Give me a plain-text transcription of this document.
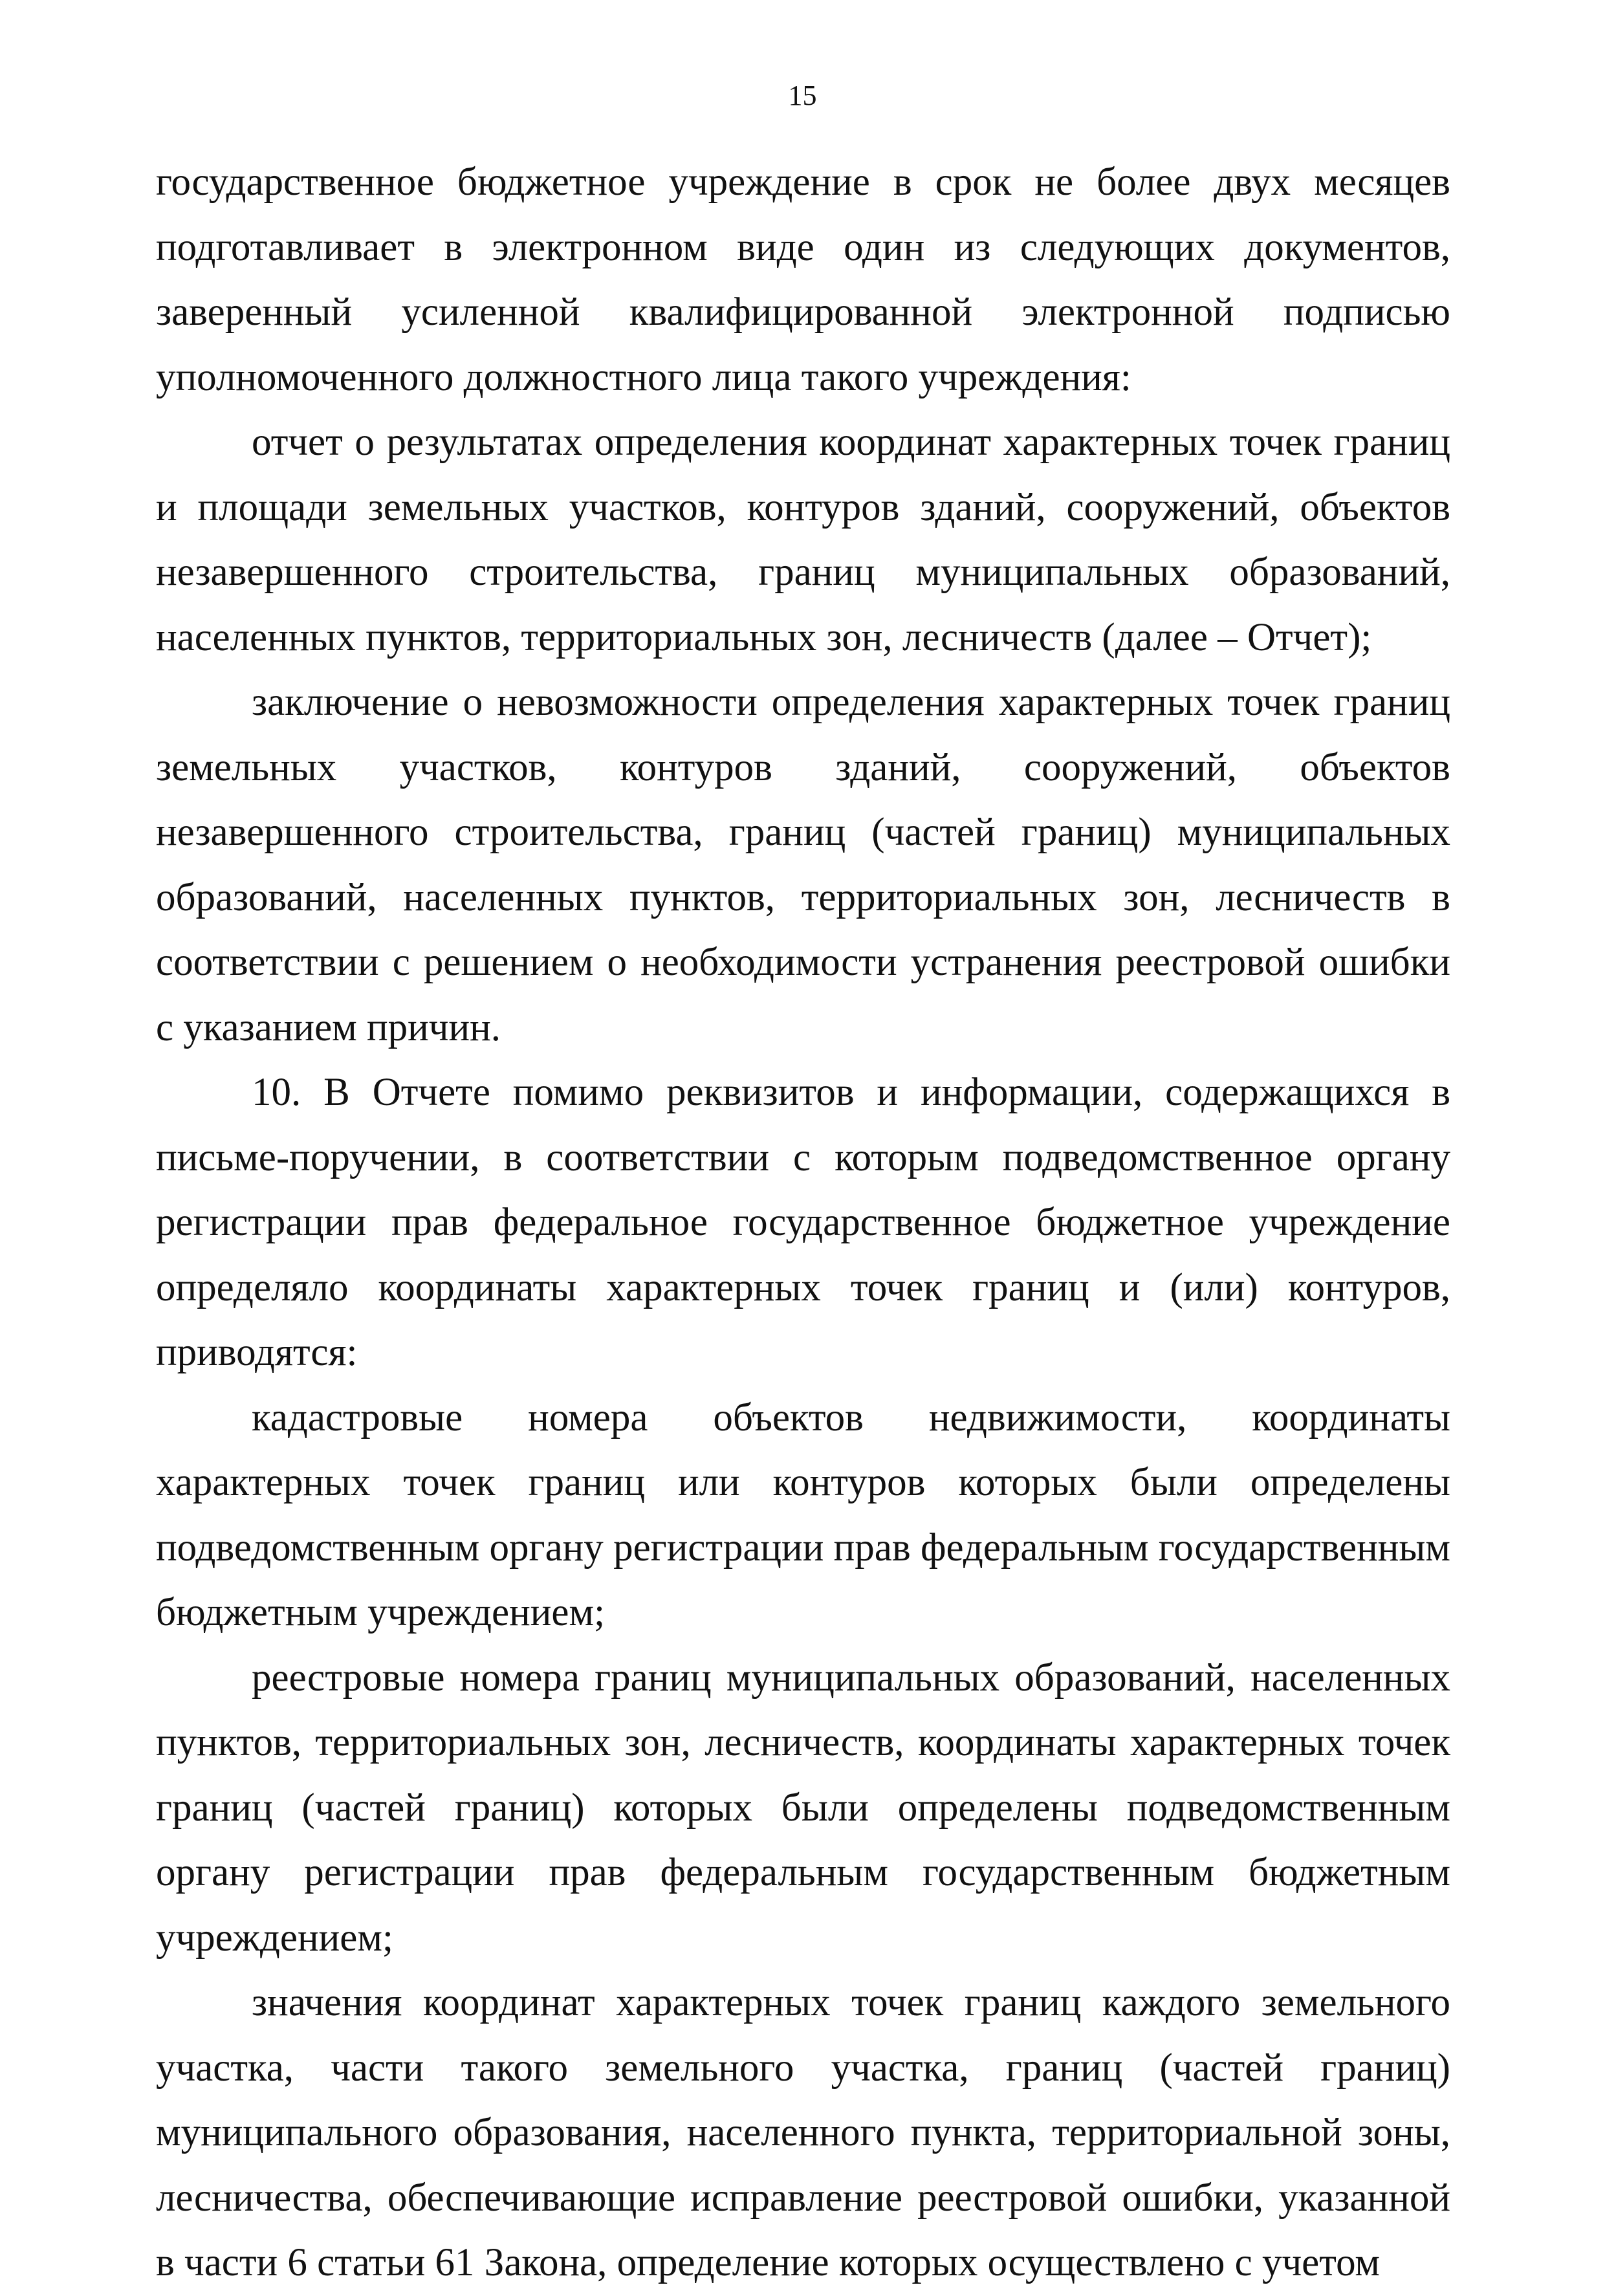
15

государственное бюджетное учреждение в срок не более двух месяцев подготавливает в электронном виде один из следующих документов, заверенный усиленной квалифицированной электронной подписью уполномоченного должностного лица такого учреждения:

отчет о результатах определения координат характерных точек границ и площади земельных участков, контуров зданий, сооружений, объектов незавершенного строительства, границ муниципальных образований, населенных пунктов, территориальных зон, лесничеств (далее – Отчет);

заключение о невозможности определения характерных точек границ земельных участков, контуров зданий, сооружений, объектов незавершенного строительства, границ (частей границ) муниципальных образований, населенных пунктов, территориальных зон, лесничеств в соответствии с решением о необходимости устранения реестровой ошибки с указанием причин.

10. В Отчете помимо реквизитов и информации, содержащихся в письме-поручении, в соответствии с которым подведомственное органу регистрации прав федеральное государственное бюджетное учреждение определяло координаты характерных точек границ и (или) контуров, приводятся:

кадастровые номера объектов недвижимости, координаты характерных точек границ или контуров которых были определены подведомственным органу регистрации прав федеральным государственным бюджетным учреждением;

реестровые номера границ муниципальных образований, населенных пунктов, территориальных зон, лесничеств, координаты характерных точек границ (частей границ) которых были определены подведомственным органу регистрации прав федеральным государственным бюджетным учреждением;

значения координат характерных точек границ каждого земельного участка, части такого земельного участка, границ (частей границ) муниципального образования, населенного пункта, территориальной зоны, лесничества, обеспечивающие исправление реестровой ошибки, указанной в части 6 статьи 61 Закона, определение которых осуществлено с учетом
